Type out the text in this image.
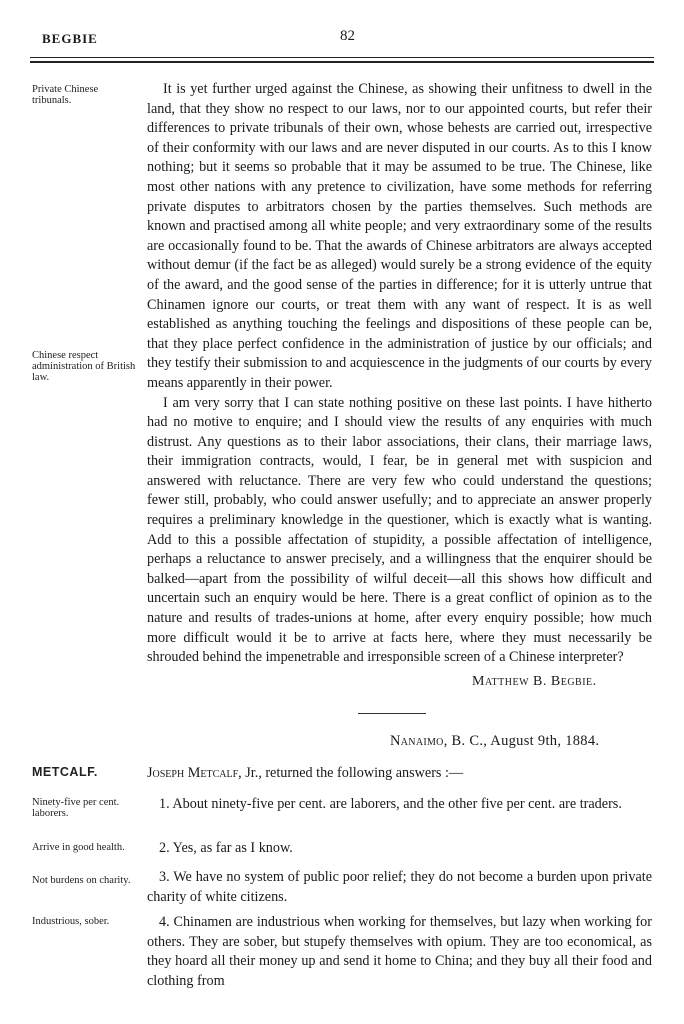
BEGBIE	82
Private Chinese tribunals.
Chinese respect administration of British law.

It is yet further urged against the Chinese, as showing their unfitness to dwell in the land, that they show no respect to our laws, nor to our appointed courts, but refer their differences to private tribunals of their own, whose behests are carried out, irrespective of their conformity with our laws and are never disputed in our courts. As to this I know nothing; but it seems so probable that it may be assumed to be true. The Chinese, like most other nations with any pretence to civilization, have some methods for referring private disputes to arbitrators chosen by the parties themselves. Such methods are known and practised among all white people; and very extraordinary some of the results are occasionally found to be. That the awards of Chinese arbitrators are always accepted without demur (if the fact be as alleged) would surely be a strong evidence of the equity of the award, and the good sense of the parties in difference; for it is utterly untrue that Chinamen ignore our courts, or treat them with any want of respect. It is as well established as anything touching the feelings and dispositions of these people can be, that they place perfect confidence in the administration of justice by our officials; and they testify their submission to and acquiescence in the judgments of our courts by every means apparently in their power.

I am very sorry that I can state nothing positive on these last points. I have hitherto had no motive to enquire; and I should view the results of any enquiries with much distrust. Any questions as to their labor associations, their clans, their marriage laws, their immigration contracts, would, I fear, be in general met with suspicion and answered with reluctance. There are very few who could understand the questions; fewer still, probably, who could answer usefully; and to appreciate an answer properly requires a preliminary knowledge in the questioner, which is exactly what is wanting. Add to this a possible affectation of stupidity, a possible affectation of intelligence, perhaps a reluctance to answer precisely, and a willingness that the enquirer should be balked—apart from the possibility of wilful deceit—all this shows how difficult and uncertain such an enquiry would be here. There is a great conflict of opinion as to the nature and results of trades-unions at home, after every enquiry possible; how much more difficult would it be to arrive at facts here, where they must necessarily be shrouded behind the impenetrable and irresponsible screen of a Chinese interpreter?

Matthew B. Begbie.
Nanaimo, B. C., August 9th, 1884.
METCALF.	Joseph Metcalf, Jr., returned the following answers :—
Ninety-five per cent. laborers.
1. About ninety-five per cent. are laborers, and the other five per cent. are traders.
Arrive in good health.	2. Yes, as far as I know.
Not burdens on charity.	3. We have no system of public poor relief; they do not become a burden upon private charity of white citizens.
Industrious, sober.	4. Chinamen are industrious when working for themselves, but lazy when working for others. They are sober, but stupefy themselves with opium. They are too economical, as they hoard all their money up and send it home to China; and they buy all their food and clothing from
